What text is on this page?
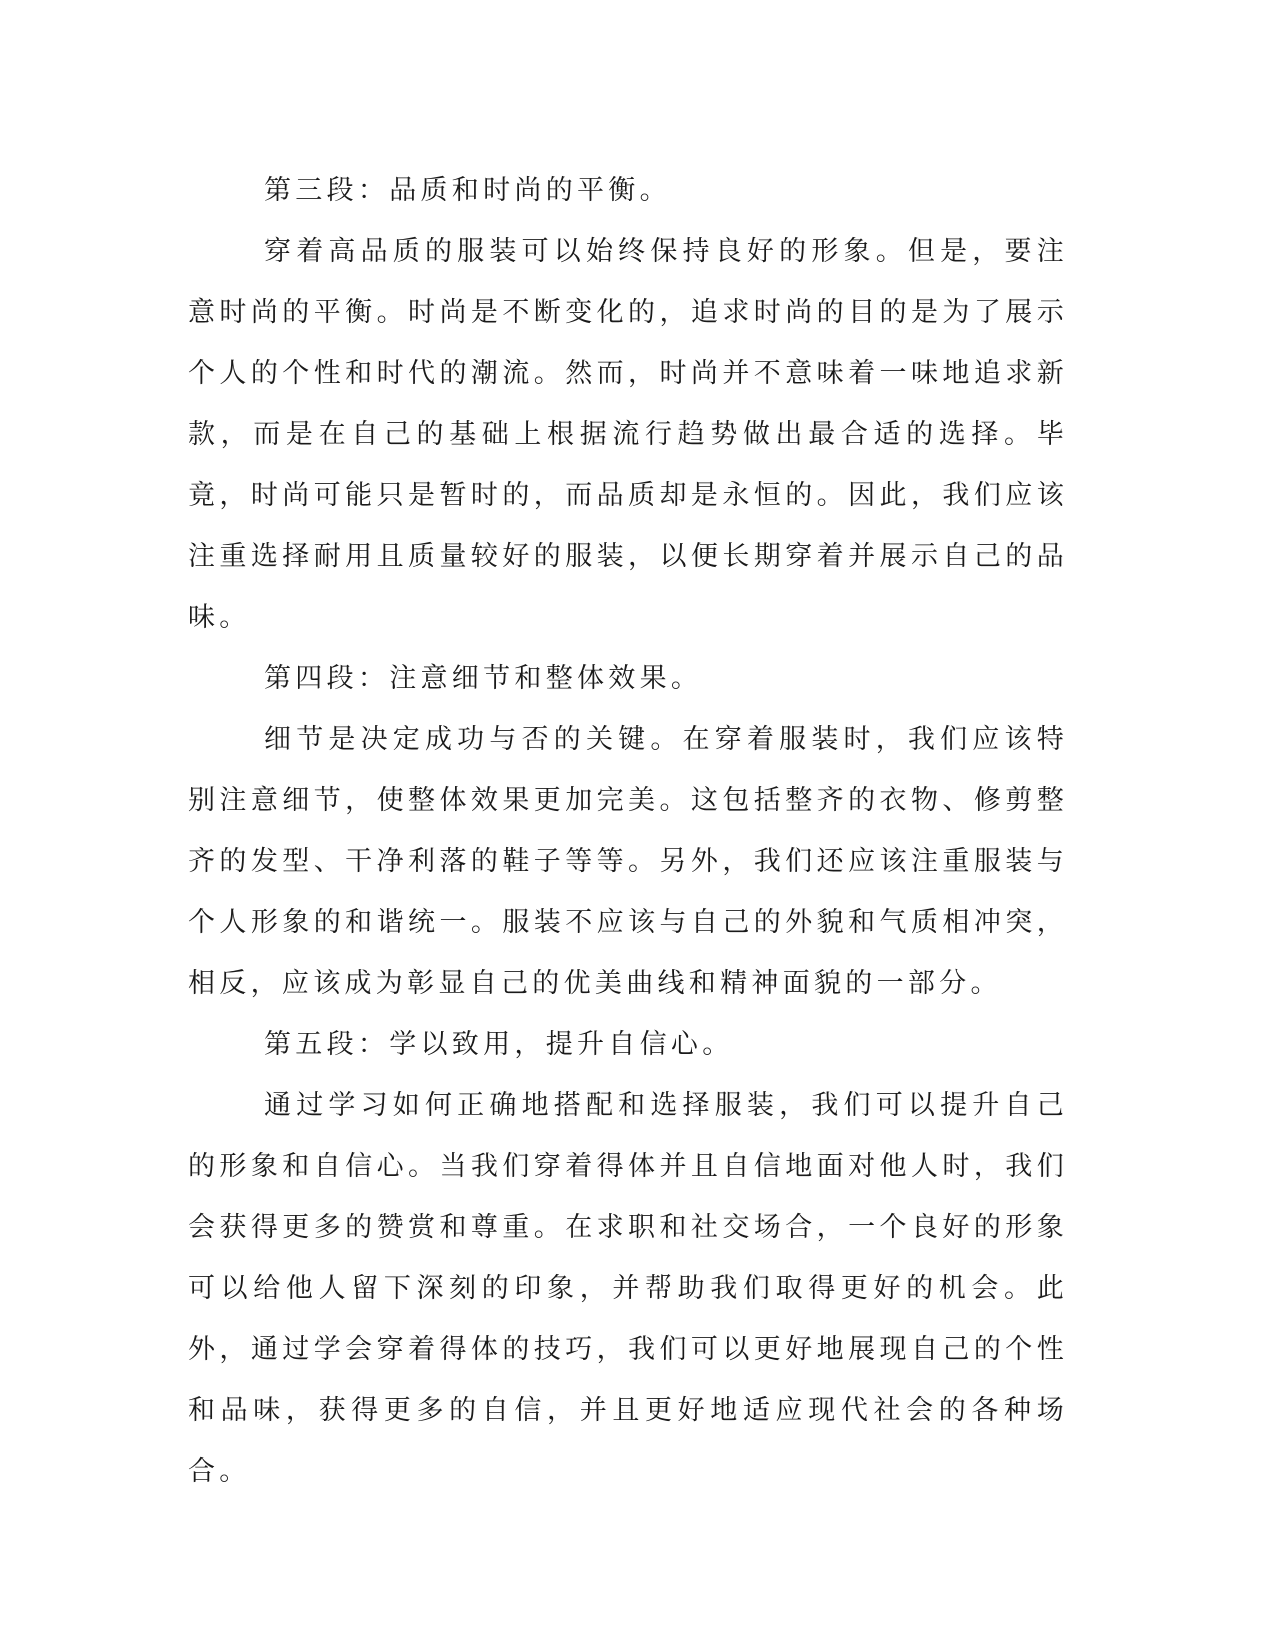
第三段：品质和时尚的平衡。

穿着高品质的服装可以始终保持良好的形象。但是，要注意时尚的平衡。时尚是不断变化的，追求时尚的目的是为了展示个人的个性和时代的潮流。然而，时尚并不意味着一味地追求新款，而是在自己的基础上根据流行趋势做出最合适的选择。毕竟，时尚可能只是暂时的，而品质却是永恒的。因此，我们应该注重选择耐用且质量较好的服装，以便长期穿着并展示自己的品味。

第四段：注意细节和整体效果。

细节是决定成功与否的关键。在穿着服装时，我们应该特别注意细节，使整体效果更加完美。这包括整齐的衣物、修剪整齐的发型、干净利落的鞋子等等。另外，我们还应该注重服装与个人形象的和谐统一。服装不应该与自己的外貌和气质相冲突，相反，应该成为彰显自己的优美曲线和精神面貌的一部分。

第五段：学以致用，提升自信心。

通过学习如何正确地搭配和选择服装，我们可以提升自己的形象和自信心。当我们穿着得体并且自信地面对他人时，我们会获得更多的赞赏和尊重。在求职和社交场合，一个良好的形象可以给他人留下深刻的印象，并帮助我们取得更好的机会。此外，通过学会穿着得体的技巧，我们可以更好地展现自己的个性和品味，获得更多的自信，并且更好地适应现代社会的各种场合。
